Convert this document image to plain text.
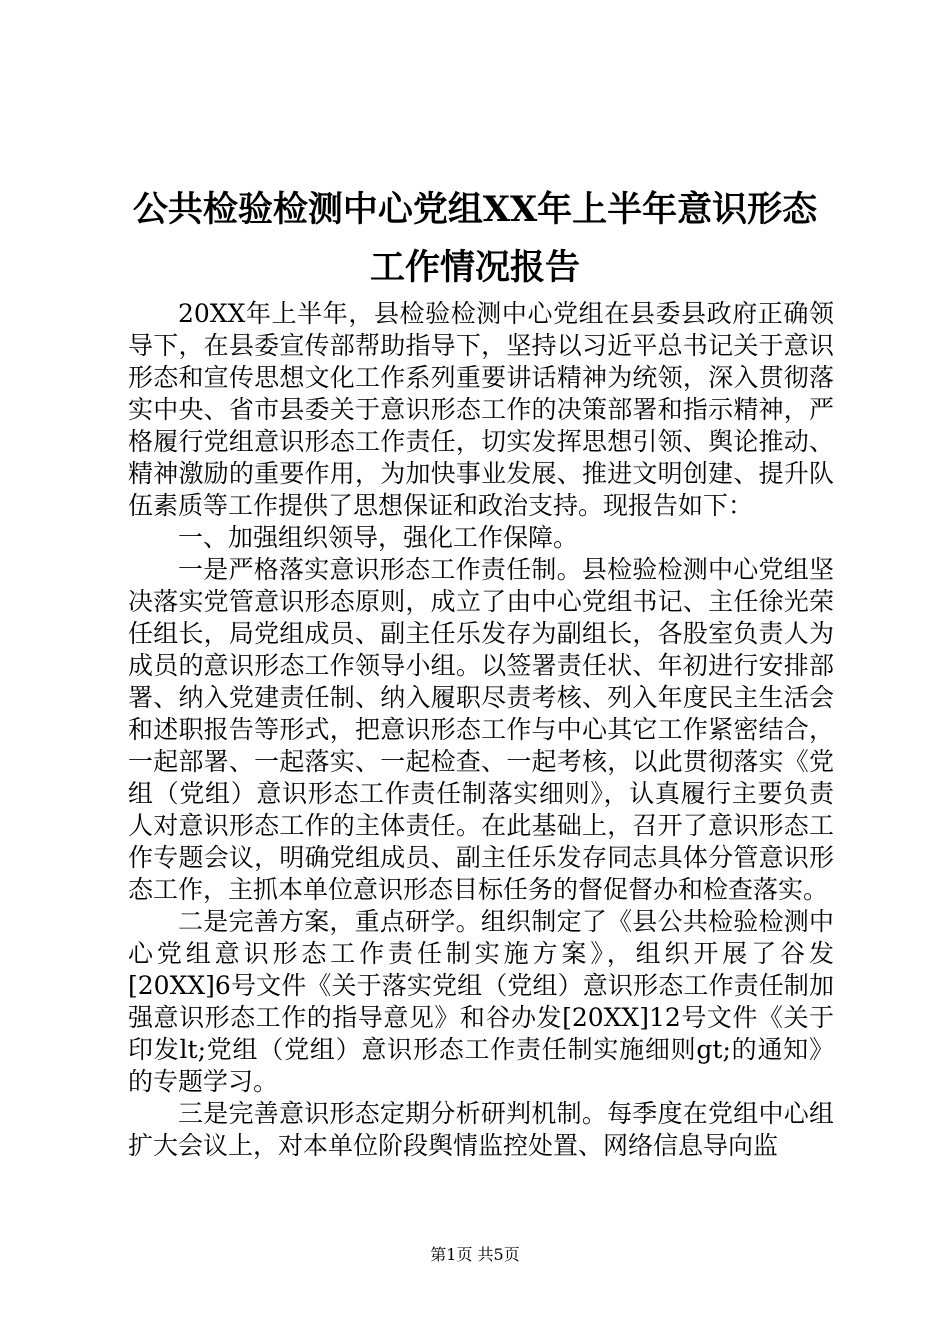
公共检验检测中心党组XX年上半年意识形态
工作情况报告

20XX年上半年，县检验检测中心党组在县委县政府正确领导下，在县委宣传部帮助指导下，坚持以习近平总书记关于意识形态和宣传思想文化工作系列重要讲话精神为统领，深入贯彻落实中央、省市县委关于意识形态工作的决策部署和指示精神，严格履行党组意识形态工作责任，切实发挥思想引领、舆论推动、精神激励的重要作用，为加快事业发展、推进文明创建、提升队伍素质等工作提供了思想保证和政治支持。现报告如下：

一、加强组织领导，强化工作保障。

一是严格落实意识形态工作责任制。县检验检测中心党组坚决落实党管意识形态原则，成立了由中心党组书记、主任徐光荣任组长，局党组成员、副主任乐发存为副组长，各股室负责人为成员的意识形态工作领导小组。以签署责任状、年初进行安排部署、纳入党建责任制、纳入履职尽责考核、列入年度民主生活会和述职报告等形式，把意识形态工作与中心其它工作紧密结合，一起部署、一起落实、一起检查、一起考核，以此贯彻落实《党组（党组）意识形态工作责任制落实细则》，认真履行主要负责人对意识形态工作的主体责任。在此基础上，召开了意识形态工作专题会议，明确党组成员、副主任乐发存同志具体分管意识形态工作，主抓本单位意识形态目标任务的督促督办和检查落实。

二是完善方案，重点研学。组织制定了《县公共检验检测中心党组意识形态工作责任制实施方案》，组织开展了谷发[20XX]6号文件《关于落实党组（党组）意识形态工作责任制加强意识形态工作的指导意见》和谷办发[20XX]12号文件《关于印发lt;党组（党组）意识形态工作责任制实施细则gt;的通知》的专题学习。

三是完善意识形态定期分析研判机制。每季度在党组中心组扩大会议上，对本单位阶段舆情监控处置、网络信息导向监

第1页 共5页
